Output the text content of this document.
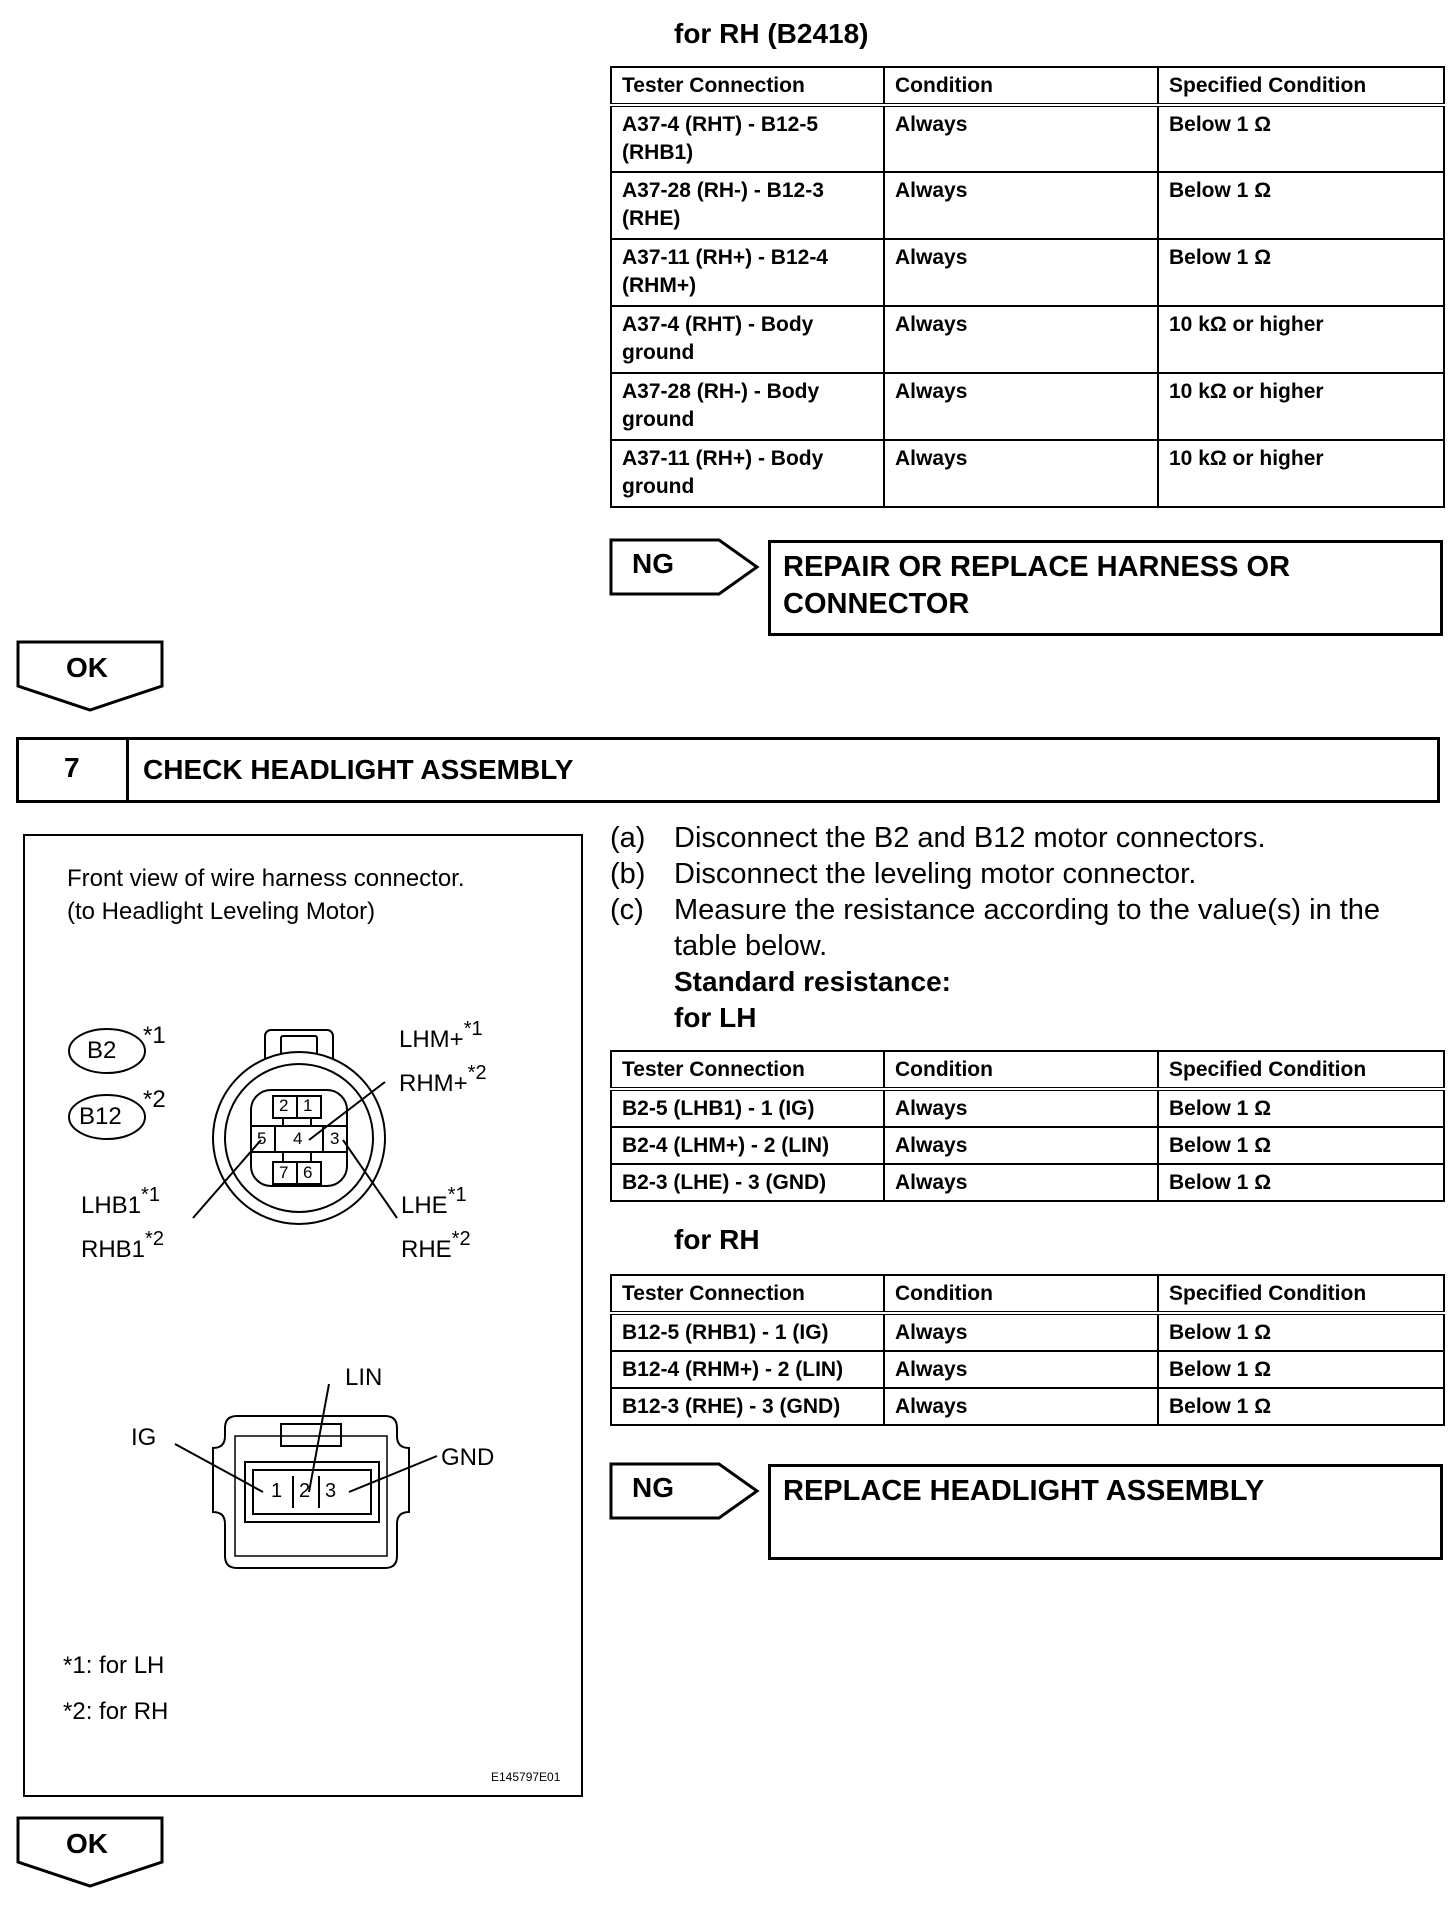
for RH (B2418)
Tester Connection	Condition	Specified Condition
A37-4 (RHT) - B12-5 (RHB1)	Always	Below 1 Ω
A37-28 (RH-) - B12-3 (RHE)	Always	Below 1 Ω
A37-11 (RH+) - B12-4 (RHM+)	Always	Below 1 Ω
A37-4 (RHT) - Body ground	Always	10 kΩ or higher
A37-28 (RH-) - Body ground	Always	10 kΩ or higher
A37-11 (RH+) - Body ground	Always	10 kΩ or higher
NG	REPAIR OR REPLACE HARNESS OR CONNECTOR
OK
7 CHECK HEADLIGHT ASSEMBLY
Front view of wire harness connector.
(to Headlight Leveling Motor)
B2
B12
*1
*2	2 1
5 4 3
7 6
LHM+$^{*1}$
RHM+$^{*2}$
LHB1$^{*1}$
RHB1$^{*2}$
LHE$^{*1}$
RHE$^{*2}$
LIN
IG
GND
1 2 3
*1: for LH
*2: for RH
E145797E01
(a) Disconnect the B2 and B12 motor connectors.
(b) Disconnect the leveling motor connector.
(c) Measure the resistance according to the value(s) in the
table below.
Standard resistance:
for LH
Tester Connection	Condition	Specified Condition
B2-5 (LHB1) - 1 (IG)	Always	Below 1 Ω
B2-4 (LHM+) - 2 (LIN)	Always	Below 1 Ω
B2-3 (LHE) - 3 (GND)	Always	Below 1 Ω
for RH
Tester Connection	Condition	Specified Condition
B12-5 (RHB1) - 1 (IG)	Always	Below 1 Ω
B12-4 (RHM+) - 2 (LIN)	Always	Below 1 Ω
B12-3 (RHE) - 3 (GND)	Always	Below 1 Ω
NG	REPLACE HEADLIGHT ASSEMBLY
OK
